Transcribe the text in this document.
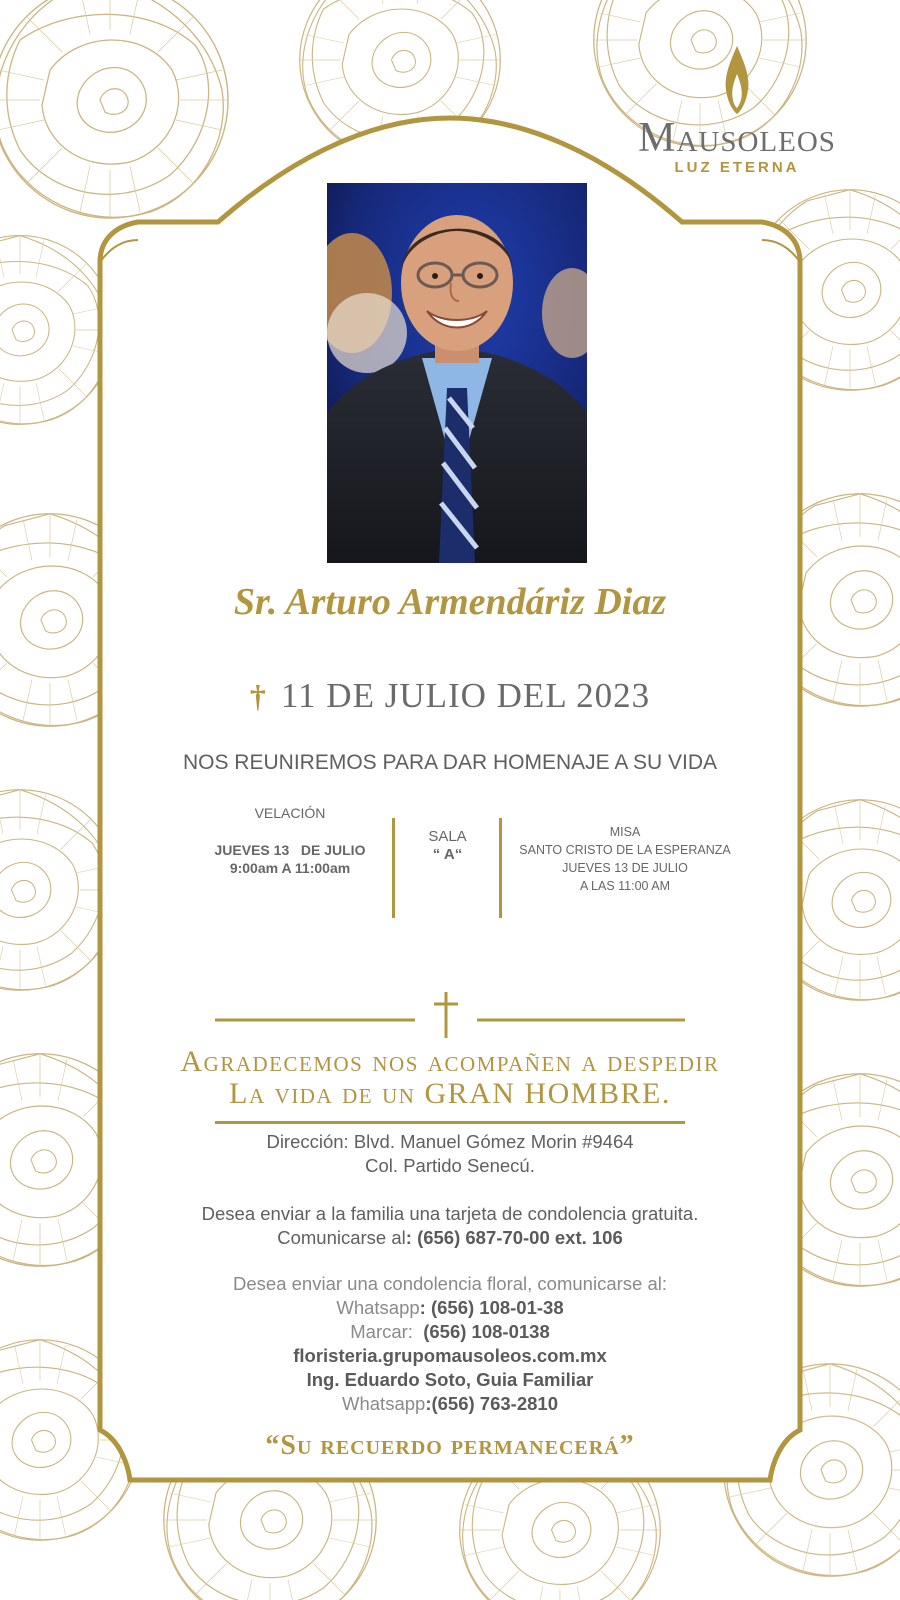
Mausoleos
LUZ ETERNA
Sr. Arturo Armendáriz Diaz
† 11 DE JULIO DEL 2023
NOS REUNIREMOS PARA DAR HOMENAJE A SU VIDA
VELACIÓN
JUEVES 13   DE JULIO
9:00am A 11:00am
SALA
“ A“
MISA
SANTO CRISTO DE LA ESPERANZA
JUEVES 13 DE JULIO
A LAS 11:00 AM
Agradecemos nos acompañen a despedir
La vida de un GRAN HOMBRE.
Dirección: Blvd. Manuel Gómez Morin #9464
Col. Partido Senecú.
Desea enviar a la familia una tarjeta de condolencia gratuita.
Comunicarse al: (656) 687-70-00 ext. 106
Desea enviar una condolencia floral, comunicarse al:
Whatsapp: (656) 108-01-38
Marcar: (656) 108-0138
floristeria.grupomausoleos.com.mx
Ing. Eduardo Soto, Guia Familiar
Whatsapp:(656) 763-2810
“Su recuerdo permanecerá”
